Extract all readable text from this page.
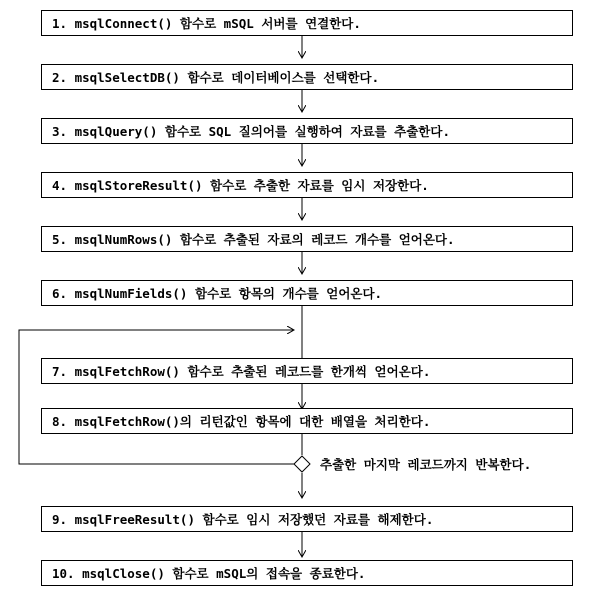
1. msqlConnect() 함수로 mSQL 서버를 연결한다.
2. msqlSelectDB() 함수로 데이터베이스를 선택한다.
3. msqlQuery() 함수로 SQL 질의어를 실행하여 자료를 추출한다.
4. msqlStoreResult() 함수로 추출한 자료를 임시 저장한다.
5. msqlNumRows() 함수로 추출된 자료의 레코드 개수를 얻어온다.
6. msqlNumFields() 함수로 항목의 개수를 얻어온다.
7. msqlFetchRow() 함수로 추출된 레코드를 한개씩 얻어온다.
8. msqlFetchRow()의 리턴값인 항목에 대한 배열을 처리한다.
9. msqlFreeResult() 함수로 임시 저장했던 자료를 해제한다.
10. msqlClose() 함수로 mSQL의 접속을 종료한다.
추출한 마지막 레코드까지 반복한다.
